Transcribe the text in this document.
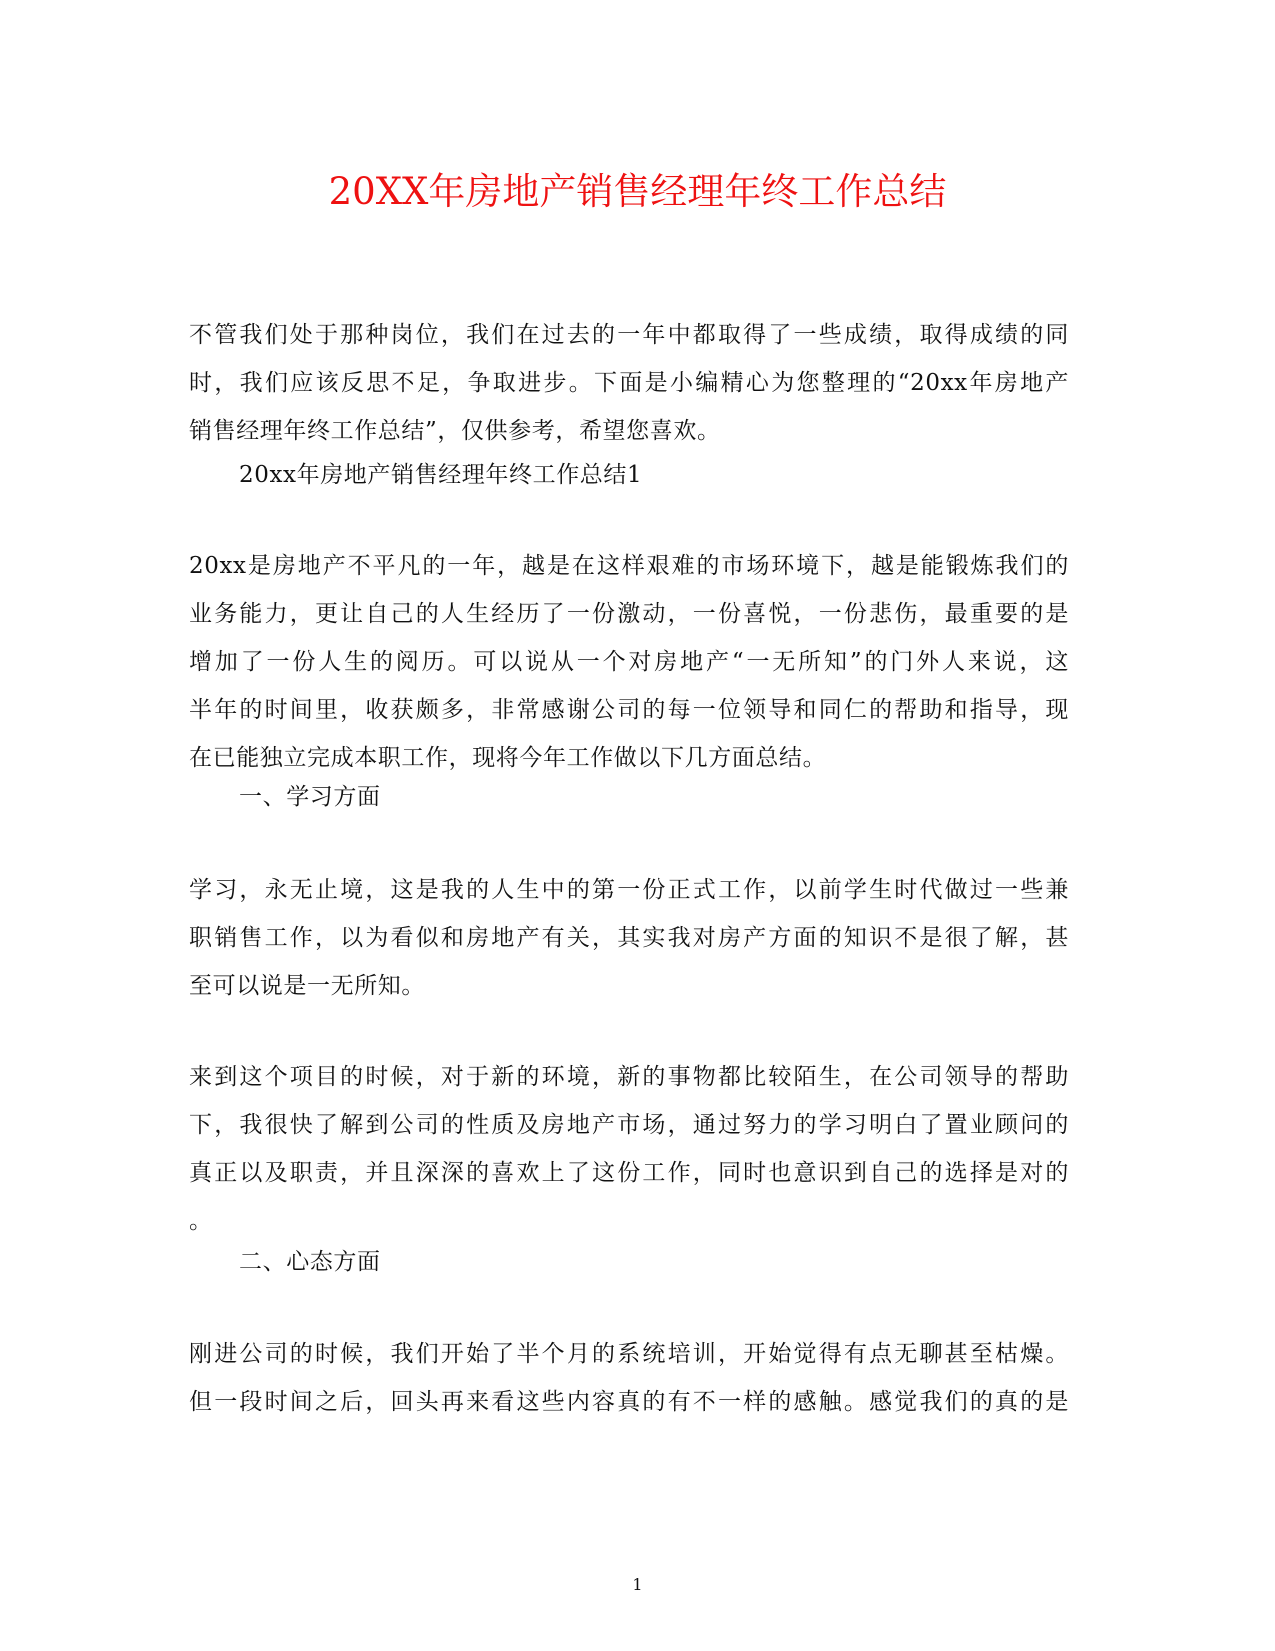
20XX年房地产销售经理年终工作总结
不管我们处于那种岗位，我们在过去的一年中都取得了一些成绩，取得成绩的同
时，我们应该反思不足，争取进步。下面是小编精心为您整理的“20xx年房地产
销售经理年终工作总结”，仅供参考，希望您喜欢。
20xx年房地产销售经理年终工作总结1
20xx是房地产不平凡的一年，越是在这样艰难的市场环境下，越是能锻炼我们的
业务能力，更让自己的人生经历了一份激动，一份喜悦，一份悲伤，最重要的是
增加了一份人生的阅历。可以说从一个对房地产“一无所知”的门外人来说，这
半年的时间里，收获颇多，非常感谢公司的每一位领导和同仁的帮助和指导，现
在已能独立完成本职工作，现将今年工作做以下几方面总结。
一、学习方面
学习，永无止境，这是我的人生中的第一份正式工作，以前学生时代做过一些兼
职销售工作，以为看似和房地产有关，其实我对房产方面的知识不是很了解，甚
至可以说是一无所知。
来到这个项目的时候，对于新的环境，新的事物都比较陌生，在公司领导的帮助
下，我很快了解到公司的性质及房地产市场，通过努力的学习明白了置业顾问的
真正以及职责，并且深深的喜欢上了这份工作，同时也意识到自己的选择是对的
。
二、心态方面
刚进公司的时候，我们开始了半个月的系统培训，开始觉得有点无聊甚至枯燥。
但一段时间之后，回头再来看这些内容真的有不一样的感触。感觉我们的真的是
1
